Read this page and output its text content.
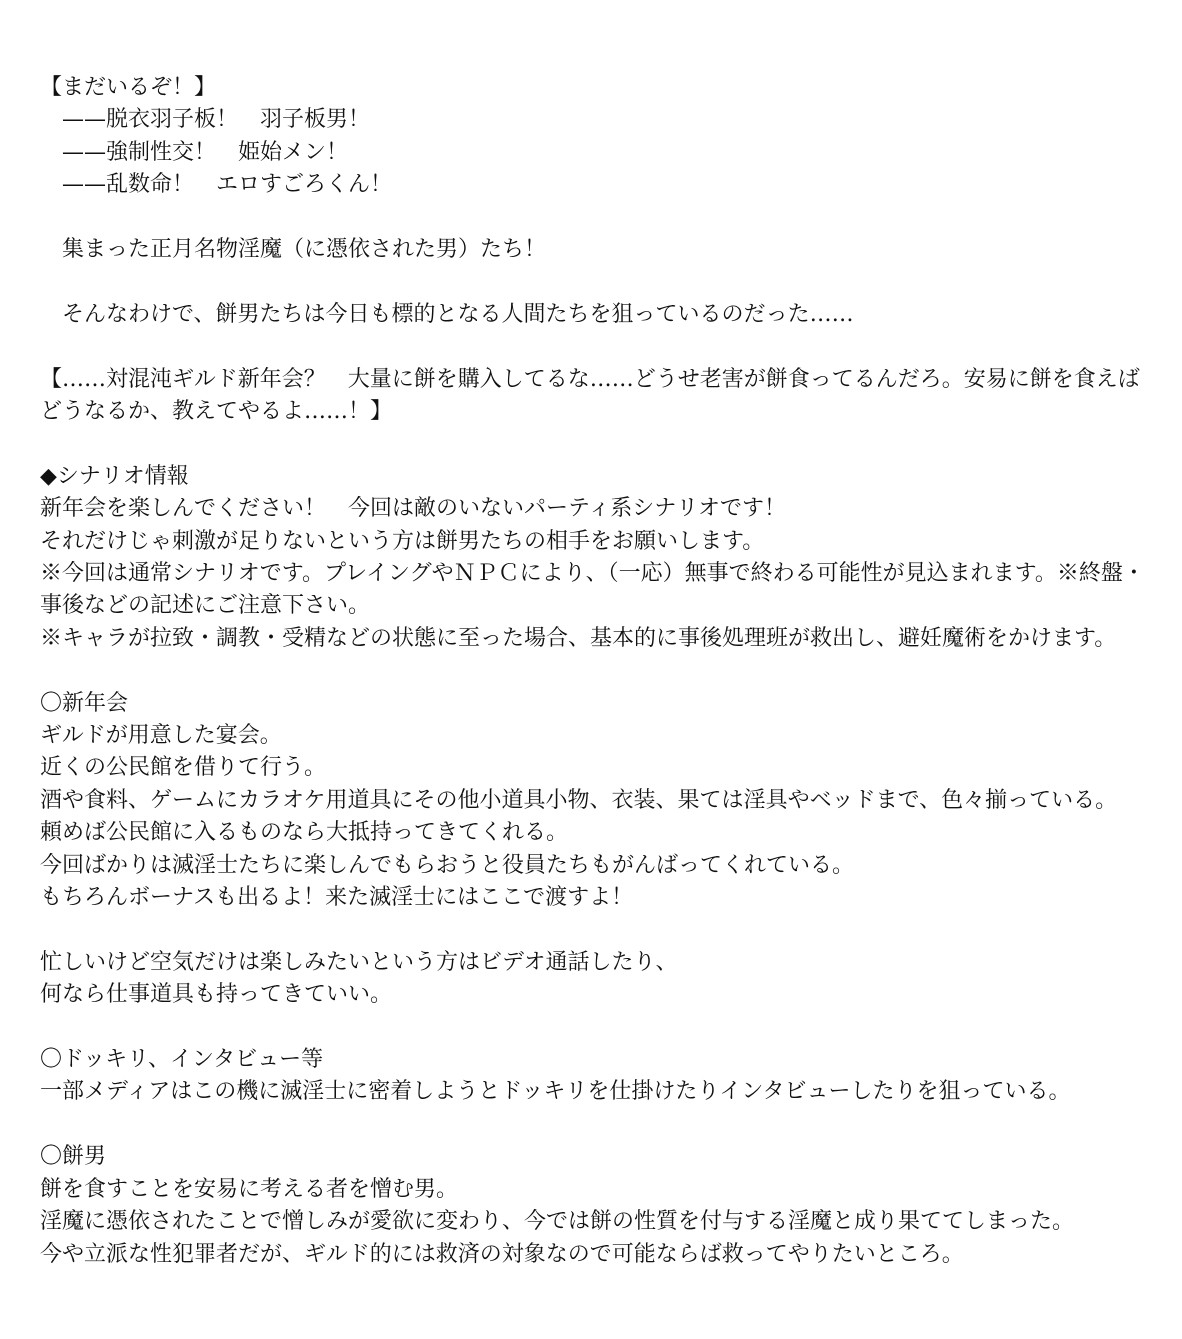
【まだいるぞ！】
　——脱衣羽子板！　羽子板男！
　——強制性交！　姫始メン！
　——乱数命！　エロすごろくん！
　集まった正月名物淫魔（に憑依された男）たち！
　そんなわけで、餅男たちは今日も標的となる人間たちを狙っているのだった……
【……対混沌ギルド新年会？　大量に餅を購入してるな……どうせ老害が餅食ってるんだろ。安易に餅を食えばどうなるか、教えてやるよ……！】
◆シナリオ情報
新年会を楽しんでください！　今回は敵のいないパーティ系シナリオです！
それだけじゃ刺激が足りないという方は餅男たちの相手をお願いします。
※今回は通常シナリオです。プレイングやＮＰＣにより、（一応）無事で終わる可能性が見込まれます。※終盤・事後などの記述にご注意下さい。
※キャラが拉致・調教・受精などの状態に至った場合、基本的に事後処理班が救出し、避妊魔術をかけます。
〇新年会
ギルドが用意した宴会。
近くの公民館を借りて行う。
酒や食料、ゲームにカラオケ用道具にその他小道具小物、衣装、果ては淫具やベッドまで、色々揃っている。
頼めば公民館に入るものなら大抵持ってきてくれる。
今回ばかりは滅淫士たちに楽しんでもらおうと役員たちもがんばってくれている。
もちろんボーナスも出るよ！来た滅淫士にはここで渡すよ！
忙しいけど空気だけは楽しみたいという方はビデオ通話したり、
何なら仕事道具も持ってきていい。
〇ドッキリ、インタビュー等
一部メディアはこの機に滅淫士に密着しようとドッキリを仕掛けたりインタビューしたりを狙っている。
〇餅男
餅を食すことを安易に考える者を憎む男。
淫魔に憑依されたことで憎しみが愛欲に変わり、今では餅の性質を付与する淫魔と成り果ててしまった。
今や立派な性犯罪者だが、ギルド的には救済の対象なので可能ならば救ってやりたいところ。
